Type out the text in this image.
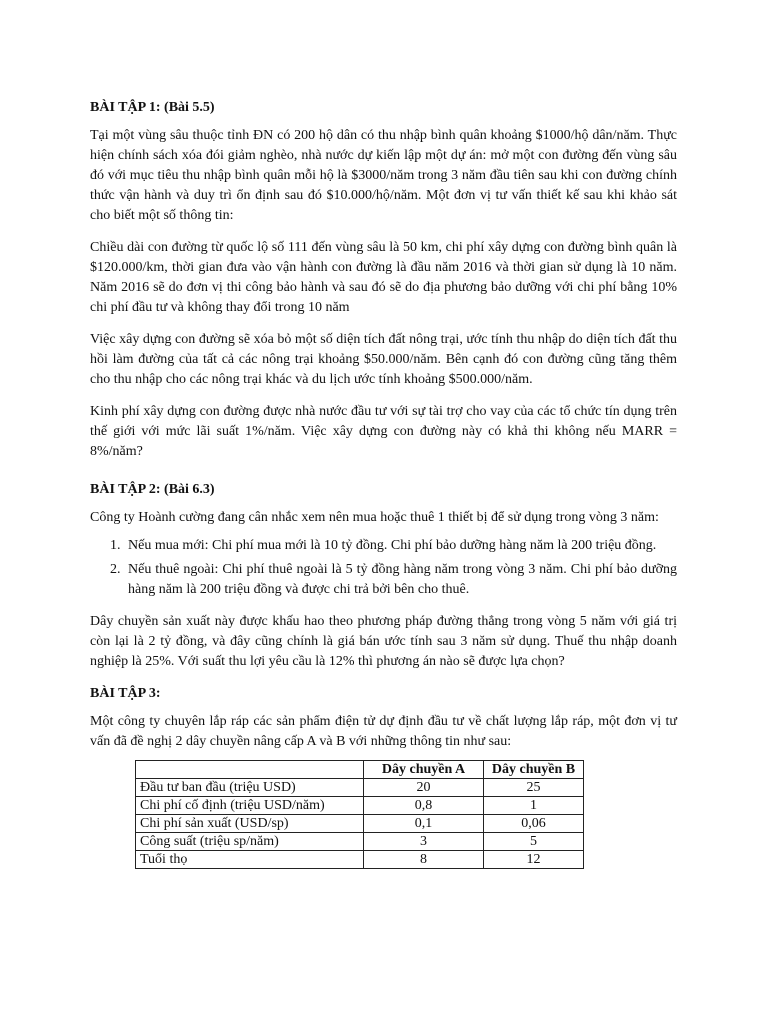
BÀI TẬP 1: (Bài 5.5)

Tại một vùng sâu thuộc tỉnh ĐN có 200 hộ dân có thu nhập bình quân khoảng $1000/hộ dân/năm. Thực hiện chính sách xóa đói giảm nghèo, nhà nước dự kiến lập một dự án: mở một con đường đến vùng sâu đó với mục tiêu thu nhập bình quân mỗi hộ là $3000/năm trong 3 năm đầu tiên sau khi con đường chính thức vận hành và duy trì ổn định sau đó $10.000/hộ/năm. Một đơn vị tư vấn thiết kế sau khi khảo sát cho biết một số thông tin:

Chiều dài con đường từ quốc lộ số 111 đến vùng sâu là 50 km, chi phí xây dựng con đường bình quân là $120.000/km, thời gian đưa vào vận hành con đường là đầu năm 2016 và thời gian sử dụng là 10 năm. Năm 2016 sẽ do đơn vị thi công bảo hành và sau đó sẽ do địa phương bảo dưỡng với chi phí bằng 10% chi phí đầu tư và không thay đổi trong 10 năm

Việc xây dựng con đường sẽ xóa bỏ một số diện tích đất nông trại, ước tính thu nhập do diện tích đất thu hồi làm đường của tất cả các nông trại khoảng $50.000/năm. Bên cạnh đó con đường cũng tăng thêm cho thu nhập cho các nông trại khác và du lịch ước tính khoảng $500.000/năm.

Kinh phí xây dựng con đường được nhà nước đầu tư với sự tài trợ cho vay của các tổ chức tín dụng trên thế giới với mức lãi suất 1%/năm. Việc xây dựng con đường này có khả thi không nếu MARR = 8%/năm?

BÀI TẬP 2: (Bài 6.3)

Công ty Hoành cường đang cân nhắc xem nên mua hoặc thuê 1 thiết bị để sử dụng trong vòng 3 năm:

1. Nếu mua mới: Chi phí mua mới là 10 tỷ đồng. Chi phí bảo dưỡng hàng năm là 200 triệu đồng.
2. Nếu thuê ngoài: Chi phí thuê ngoài là 5 tỷ đồng hàng năm trong vòng 3 năm. Chi phí bảo dưỡng hàng năm là 200 triệu đồng và được chi trả bởi bên cho thuê.

Dây chuyền sản xuất này được khấu hao theo phương pháp đường thẳng trong vòng 5 năm với giá trị còn lại là 2 tỷ đồng, và đây cũng chính là giá bán ước tính sau 3 năm sử dụng. Thuế thu nhập doanh nghiệp là 25%. Với suất thu lợi yêu cầu là 12% thì phương án nào sẽ được lựa chọn?

BÀI TẬP 3:

Một công ty chuyên lắp ráp các sản phẩm điện tử dự định đầu tư về chất lượng lắp ráp, một đơn vị tư vấn đã đề nghị 2 dây chuyền nâng cấp A và B với những thông tin như sau:

	Dây chuyền A	Dây chuyền B
Đầu tư ban đầu (triệu USD)	20	25
Chi phí cố định (triệu USD/năm)	0,8	1
Chi phí sản xuất (USD/sp)	0,1	0,06
Công suất (triệu sp/năm)	3	5
Tuổi thọ	8	12
